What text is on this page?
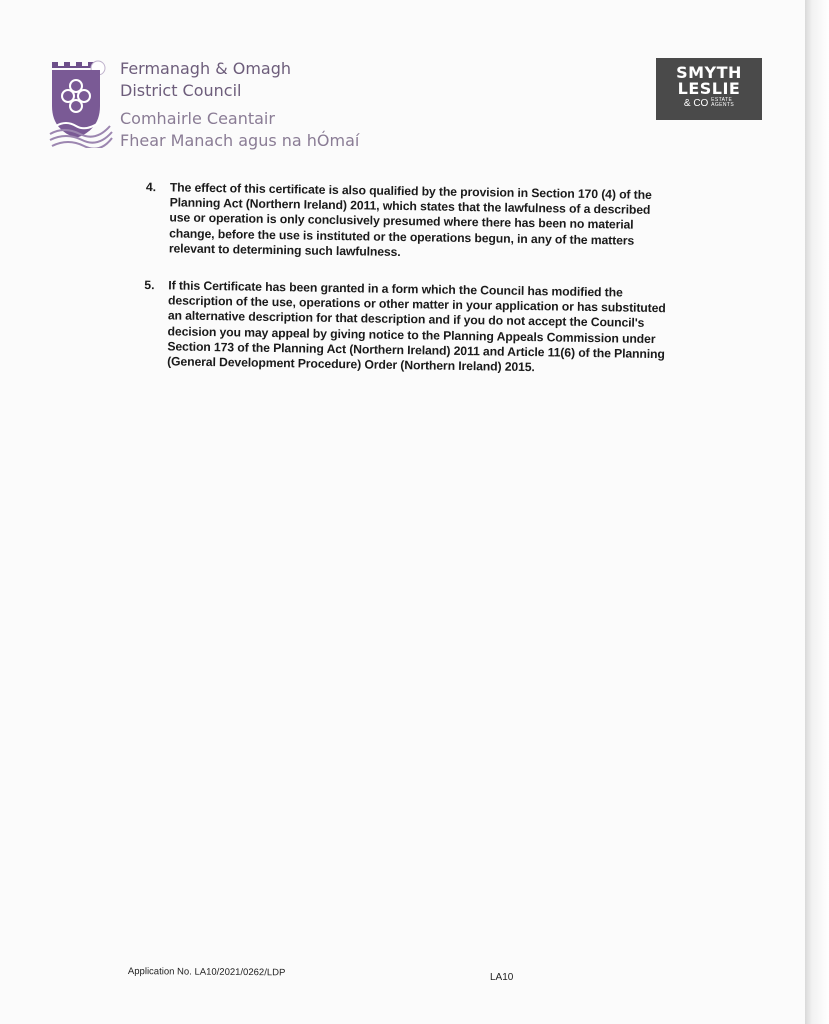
Fermanagh & Omagh
District Council
Comhairle Ceantair
Fhear Manach agus na hÓmaí
SMYTH
LESLIE
& CO ESTATE
AGENTS
4.	The effect of this certificate is also qualified by the provision in Section 170 (4) of the Planning Act (Northern Ireland) 2011, which states that the lawfulness of a described use or operation is only conclusively presumed where there has been no material change, before the use is instituted or the operations begun, in any of the matters relevant to determining such lawfulness.
5.	If this Certificate has been granted in a form which the Council has modified the description of the use, operations or other matter in your application or has substituted an alternative description for that description and if you do not accept the Council's decision you may appeal by giving notice to the Planning Appeals Commission under Section 173 of the Planning Act (Northern Ireland) 2011 and Article 11(6) of the Planning (General Development Procedure) Order (Northern Ireland) 2015.
Application No. LA10/2021/0262/LDP	LA10
